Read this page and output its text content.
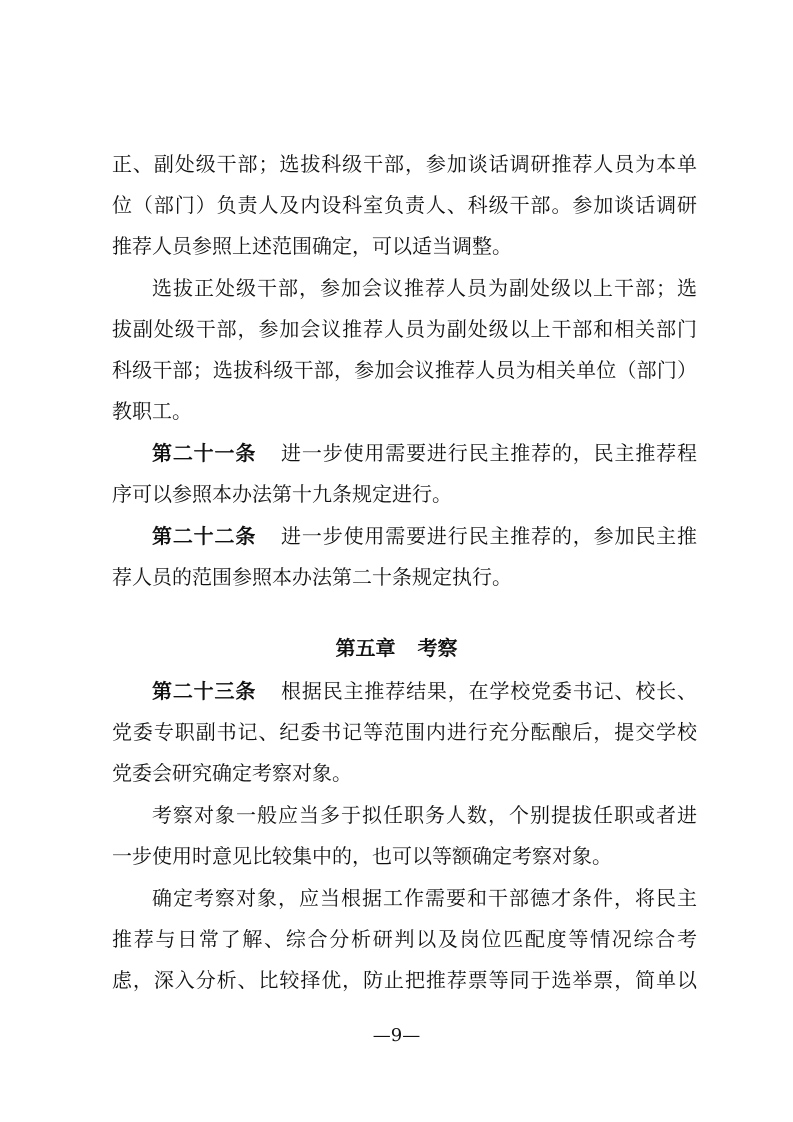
正、副处级干部；选拔科级干部，参加谈话调研推荐人员为本单
位（部门）负责人及内设科室负责人、科级干部。参加谈话调研
推荐人员参照上述范围确定，可以适当调整。
选拔正处级干部，参加会议推荐人员为副处级以上干部；选
拔副处级干部，参加会议推荐人员为副处级以上干部和相关部门
科级干部；选拔科级干部，参加会议推荐人员为相关单位（部门）
教职工。
第二十一条 进一步使用需要进行民主推荐的，民主推荐程
序可以参照本办法第十九条规定进行。
第二十二条 进一步使用需要进行民主推荐的，参加民主推
荐人员的范围参照本办法第二十条规定执行。
第五章 考察
第二十三条 根据民主推荐结果，在学校党委书记、校长、
党委专职副书记、纪委书记等范围内进行充分酝酿后，提交学校
党委会研究确定考察对象。
考察对象一般应当多于拟任职务人数，个别提拔任职或者进
一步使用时意见比较集中的，也可以等额确定考察对象。
确定考察对象，应当根据工作需要和干部德才条件，将民主
推荐与日常了解、综合分析研判以及岗位匹配度等情况综合考
虑，深入分析、比较择优，防止把推荐票等同于选举票，简单以
—9—
